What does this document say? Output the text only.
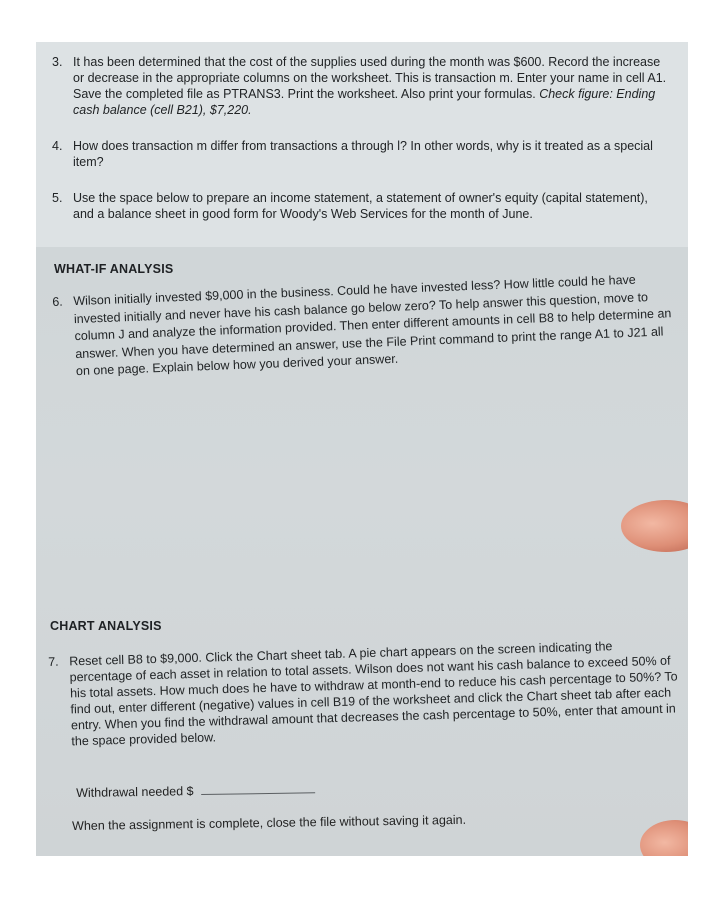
3. It has been determined that the cost of the supplies used during the month was $600. Record the increase or decrease in the appropriate columns on the worksheet. This is transaction m. Enter your name in cell A1. Save the completed file as PTRANS3. Print the worksheet. Also print your formulas. Check figure: Ending cash balance (cell B21), $7,220.
4. How does transaction m differ from transactions a through l? In other words, why is it treated as a special item?
5. Use the space below to prepare an income statement, a statement of owner's equity (capital statement), and a balance sheet in good form for Woody's Web Services for the month of June.
WHAT-IF ANALYSIS
6. Wilson initially invested $9,000 in the business. Could he have invested less? How little could he have invested initially and never have his cash balance go below zero? To help answer this question, move to column J and analyze the information provided. Then enter different amounts in cell B8 to help determine an answer. When you have determined an answer, use the File Print command to print the range A1 to J21 all on one page. Explain below how you derived your answer.
CHART ANALYSIS
7. Reset cell B8 to $9,000. Click the Chart sheet tab. A pie chart appears on the screen indicating the percentage of each asset in relation to total assets. Wilson does not want his cash balance to exceed 50% of his total assets. How much does he have to withdraw at month-end to reduce his cash percentage to 50%? To find out, enter different (negative) values in cell B19 of the worksheet and click the Chart sheet tab after each entry. When you find the withdrawal amount that decreases the cash percentage to 50%, enter that amount in the space provided below.
Withdrawal needed $
When the assignment is complete, close the file without saving it again.
